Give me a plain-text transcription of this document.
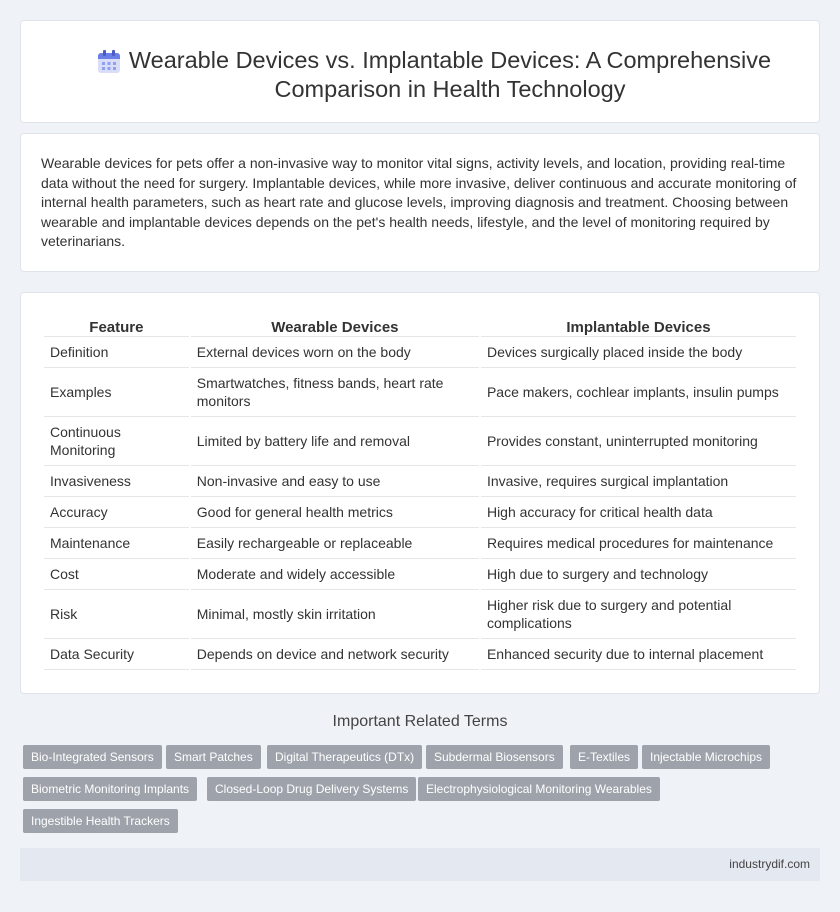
Wearable Devices vs. Implantable Devices: A Comprehensive Comparison in Health Technology
Wearable devices for pets offer a non-invasive way to monitor vital signs, activity levels, and location, providing real-time data without the need for surgery. Implantable devices, while more invasive, deliver continuous and accurate monitoring of internal health parameters, such as heart rate and glucose levels, improving diagnosis and treatment. Choosing between wearable and implantable devices depends on the pet's health needs, lifestyle, and the level of monitoring required by veterinarians.
Feature	Wearable Devices	Implantable Devices
Definition	External devices worn on the body	Devices surgically placed inside the body
Examples	Smartwatches, fitness bands, heart rate monitors	Pace makers, cochlear implants, insulin pumps
Continuous Monitoring	Limited by battery life and removal	Provides constant, uninterrupted monitoring
Invasiveness	Non-invasive and easy to use	Invasive, requires surgical implantation
Accuracy	Good for general health metrics	High accuracy for critical health data
Maintenance	Easily rechargeable or replaceable	Requires medical procedures for maintenance
Cost	Moderate and widely accessible	High due to surgery and technology
Risk	Minimal, mostly skin irritation	Higher risk due to surgery and potential complications
Data Security	Depends on device and network security	Enhanced security due to internal placement
Important Related Terms
Bio-Integrated Sensors	Smart Patches	Digital Therapeutics (DTx)	Subdermal Biosensors	E-Textiles	Injectable Microchips
Biometric Monitoring Implants	Closed-Loop Drug Delivery Systems	Electrophysiological Monitoring Wearables
Ingestible Health Trackers
industrydif.com
